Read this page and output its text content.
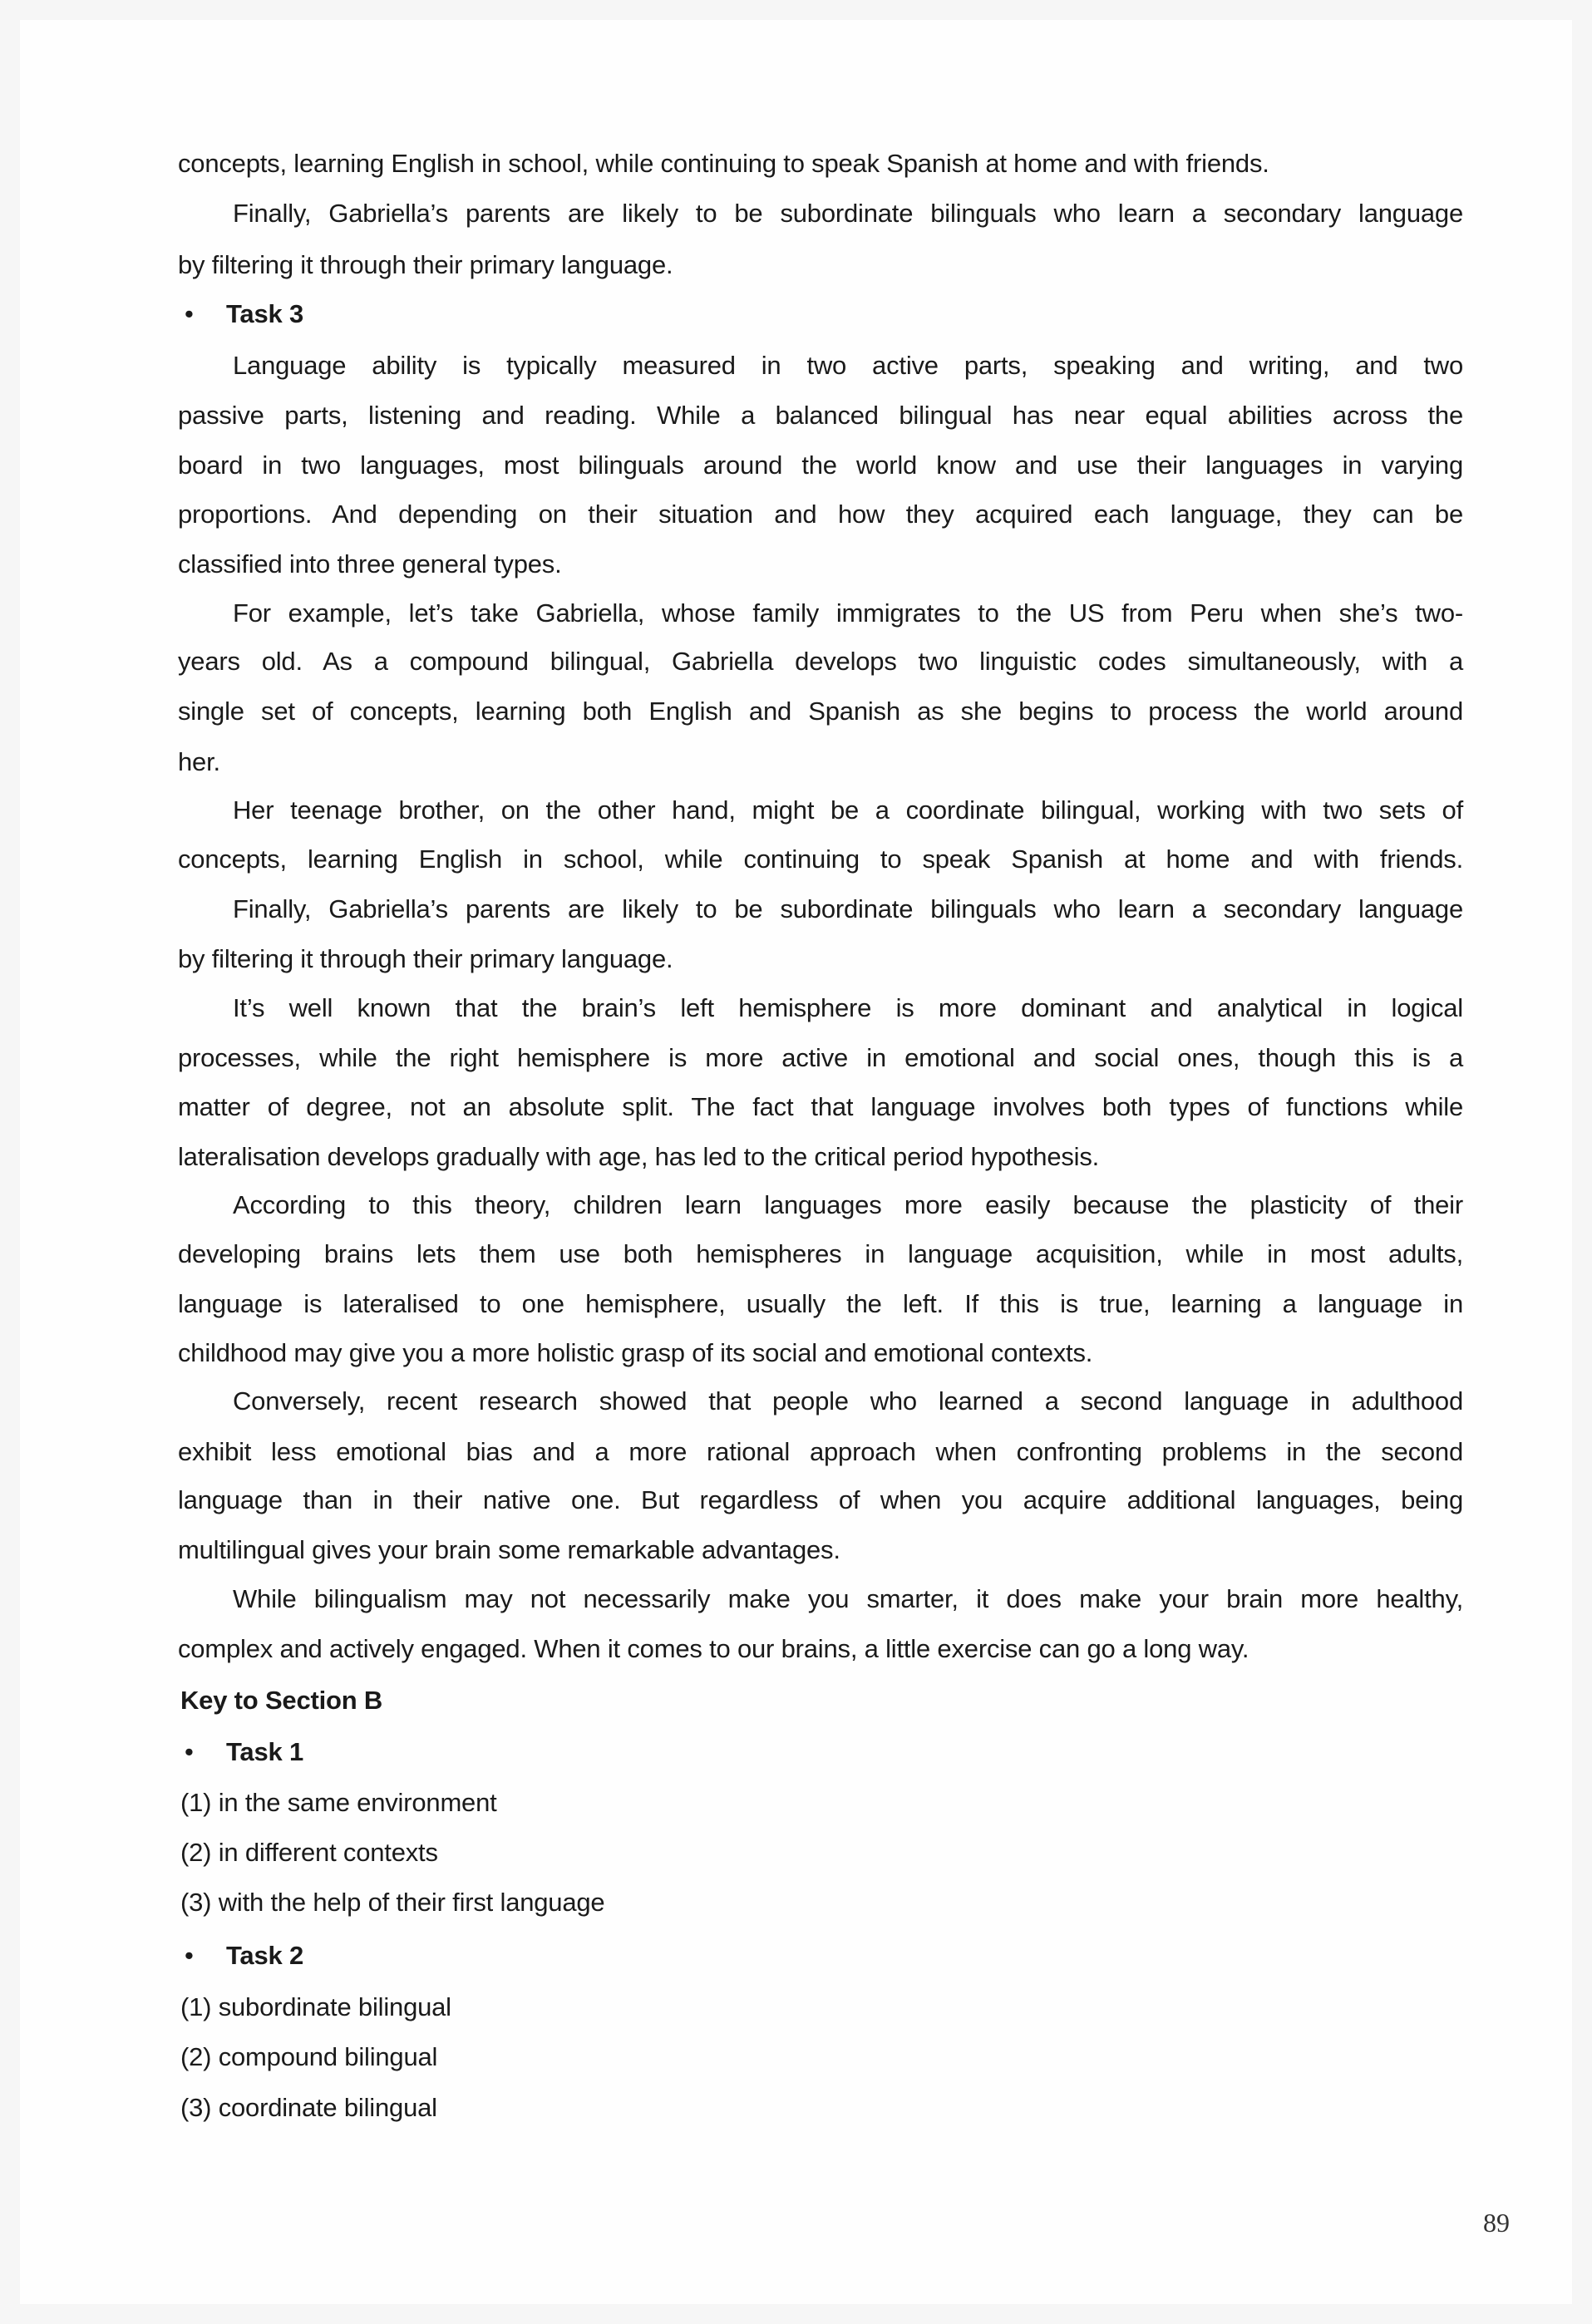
concepts, learning English in school, while continuing to speak Spanish at home and with friends.
Finally, Gabriella’s parents are likely to be subordinate bilinguals who learn a secondary language
by filtering it through their primary language.
Task 3
•
Language ability is typically measured in two active parts, speaking and writing, and two
passive parts, listening and reading. While a balanced bilingual has near equal abilities across the
board in two languages, most bilinguals around the world know and use their languages in varying
proportions. And depending on their situation and how they acquired each language, they can be
classified into three general types.
For example, let’s take Gabriella, whose family immigrates to the US from Peru when she’s two-
years old. As a compound bilingual, Gabriella develops two linguistic codes simultaneously, with a
single set of concepts, learning both English and Spanish as she begins to process the world around
her.
Her teenage brother, on the other hand, might be a coordinate bilingual, working with two sets of
concepts, learning English in school, while continuing to speak Spanish at home and with friends.
Finally, Gabriella’s parents are likely to be subordinate bilinguals who learn a secondary language
by filtering it through their primary language.
It’s well known that the brain’s left hemisphere is more dominant and analytical in logical
processes, while the right hemisphere is more active in emotional and social ones, though this is a
matter of degree, not an absolute split. The fact that language involves both types of functions while
lateralisation develops gradually with age, has led to the critical period hypothesis.
According to this theory, children learn languages more easily because the plasticity of their
developing brains lets them use both hemispheres in language acquisition, while in most adults,
language is lateralised to one hemisphere, usually the left. If this is true, learning a language in
childhood may give you a more holistic grasp of its social and emotional contexts.
Conversely, recent research showed that people who learned a second language in adulthood
exhibit less emotional bias and a more rational approach when confronting problems in the second
language than in their native one. But regardless of when you acquire additional languages, being
multilingual gives your brain some remarkable advantages.
While bilingualism may not necessarily make you smarter, it does make your brain more healthy,
complex and actively engaged. When it comes to our brains, a little exercise can go a long way.
Key to Section B
Task 1
•
(1) in the same environment
(2) in different contexts
(3) with the help of their first language
Task 2
•
(1) subordinate bilingual
(2) compound bilingual
(3) coordinate bilingual
89
